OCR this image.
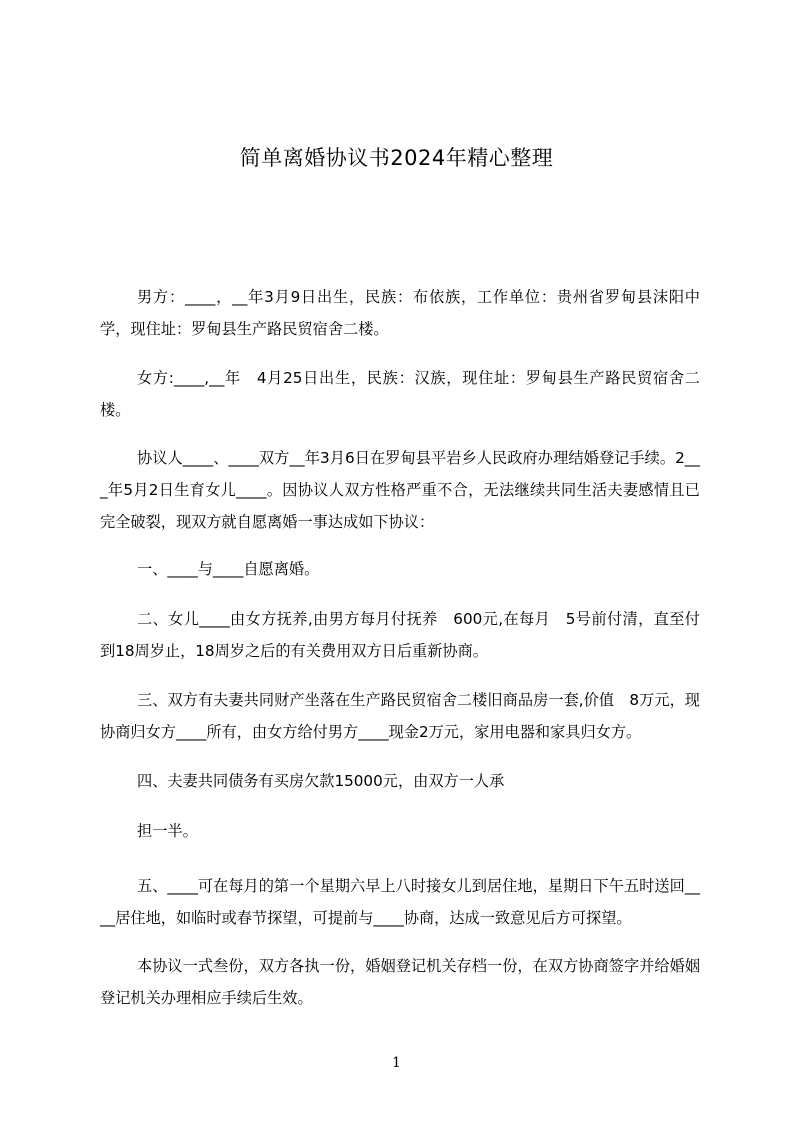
简单离婚协议书2024年精心整理

男方：____，__年3月9日出生，民族：布依族，工作单位：贵州省罗甸县沫阳中学，现住址：罗甸县生产路民贸宿舍二楼。

女方:____,__年　4月25日出生，民族：汉族，现住址：罗甸县生产路民贸宿舍二楼。

协议人____、____双方__年3月6日在罗甸县平岩乡人民政府办理结婚登记手续。2___年5月2日生育女儿____。因协议人双方性格严重不合，无法继续共同生活夫妻感情且已完全破裂，现双方就自愿离婚一事达成如下协议：

一、____与____自愿离婚。

二、女儿____由女方抚养,由男方每月付抚养　600元,在每月　5号前付清，直至付到18周岁止，18周岁之后的有关费用双方日后重新协商。

三、双方有夫妻共同财产坐落在生产路民贸宿舍二楼旧商品房一套,价值　8万元，现协商归女方____所有，由女方给付男方____现金2万元，家用电器和家具归女方。

四、夫妻共同债务有买房欠款15000元，由双方一人承

担一半。

五、____可在每月的第一个星期六早上八时接女儿到居住地，星期日下午五时送回____居住地，如临时或春节探望，可提前与____协商，达成一致意见后方可探望。

本协议一式叁份，双方各执一份，婚姻登记机关存档一份，在双方协商签字并给婚姻登记机关办理相应手续后生效。

1
